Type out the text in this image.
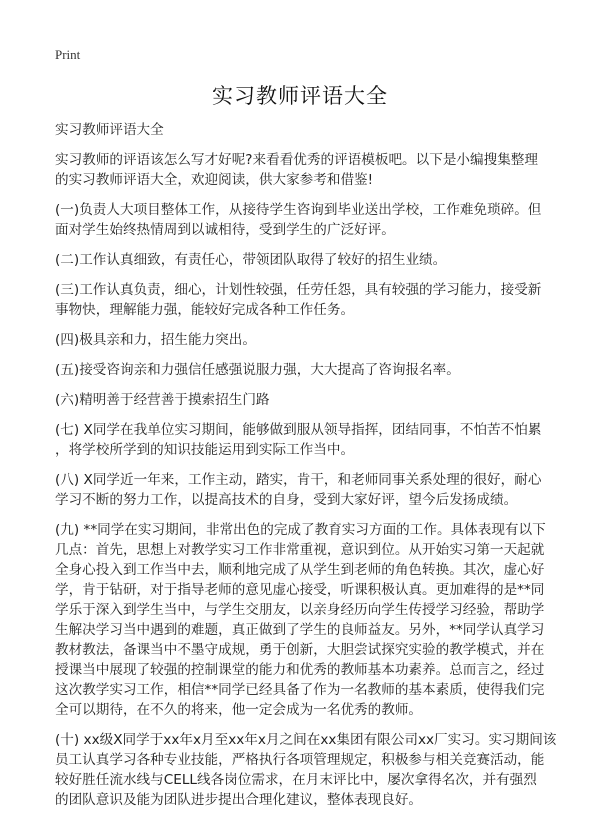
Print
实习教师评语大全
实习教师评语大全
实习教师的评语该怎么写才好呢?来看看优秀的评语模板吧。以下是小编搜集整理
的实习教师评语大全，欢迎阅读，供大家参考和借鉴!
(一)负责人大项目整体工作，从接待学生咨询到毕业送出学校，工作难免琐碎。但
面对学生始终热情周到以诚相待，受到学生的广泛好评。
(二)工作认真细致，有责任心，带领团队取得了较好的招生业绩。
(三)工作认真负责，细心，计划性较强，任劳任怨，具有较强的学习能力，接受新
事物快，理解能力强，能较好完成各种工作任务。
(四)极具亲和力，招生能力突出。
(五)接受咨询亲和力强信任感强说服力强，大大提高了咨询报名率。
(六)精明善于经营善于摸索招生门路
(七) X同学在我单位实习期间，能够做到服从领导指挥，团结同事，不怕苦不怕累
，将学校所学到的知识技能运用到实际工作当中。
(八) X同学近一年来，工作主动，踏实，肯干，和老师同事关系处理的很好，耐心
学习不断的努力工作，以提高技术的自身，受到大家好评，望今后发扬成绩。
(九) **同学在实习期间，非常出色的完成了教育实习方面的工作。具体表现有以下
几点：首先，思想上对教学实习工作非常重视，意识到位。从开始实习第一天起就
全身心投入到工作当中去，顺利地完成了从学生到老师的角色转换。其次，虚心好
学，肯于钻研，对于指导老师的意见虚心接受，听课积极认真。更加难得的是**同
学乐于深入到学生当中，与学生交朋友，以亲身经历向学生传授学习经验，帮助学
生解决学习当中遇到的难题，真正做到了学生的良师益友。另外，**同学认真学习
教材教法，备课当中不墨守成规，勇于创新，大胆尝试探究实验的教学模式，并在
授课当中展现了较强的控制课堂的能力和优秀的教师基本功素养。总而言之，经过
这次教学实习工作，相信**同学已经具备了作为一名教师的基本素质，使得我们完
全可以期待，在不久的将来，他一定会成为一名优秀的教师。
(十) xx级X同学于xx年x月至xx年x月之间在xx集团有限公司xx厂实习。实习期间该
员工认真学习各种专业技能，严格执行各项管理规定，积极参与相关竞赛活动，能
较好胜任流水线与CELL线各岗位需求，在月末评比中，屡次拿得名次，并有强烈
的团队意识及能为团队进步提出合理化建议，整体表现良好。
